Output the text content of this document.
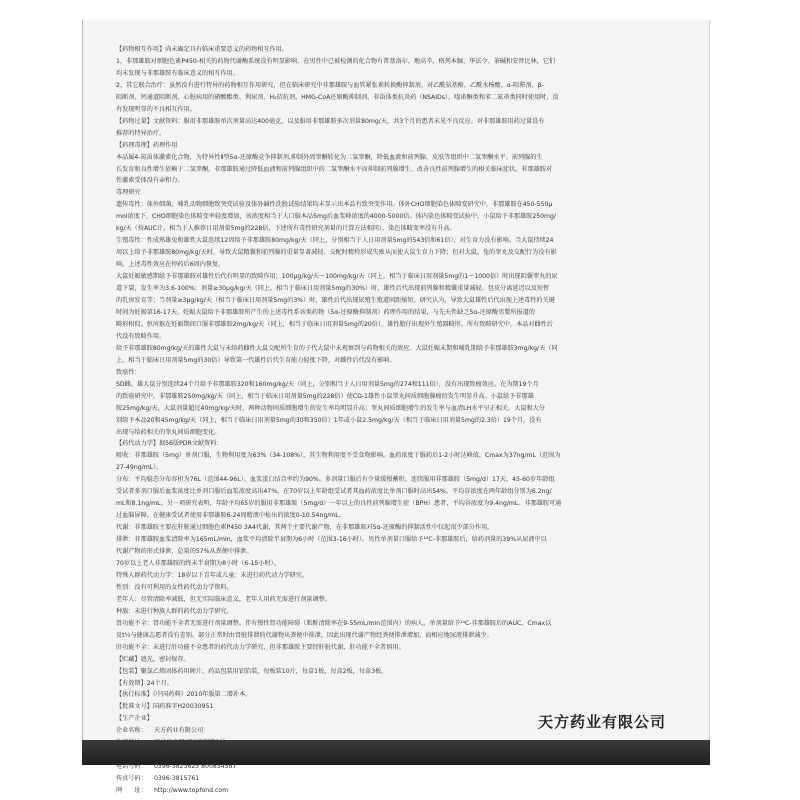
【药物相互作用】尚未确定具有临床重要意义的药物相互作用。
1、非那雄胺对细胞色素P450-相关的药物代谢酶系统没有明显影响。在男性中已被检测的化合物有普萘洛尔、地高辛、格列本脲、华法令、茶碱和安替比林，它们
均未发现与非那雄胺有临床意义的相互作用。
2、其它联合治疗：虽然没有进行特异的药物相互作用研究，但在临床研究中非那雄胺与血管紧张素转换酶抑制剂、对乙酰氨基酚、乙酰水杨酸、α-阻滞剂、β-
阻断剂、钙通道阻断剂、心脏病用的硝酸酯类、利尿剂、H₂拮抗剂、HMG-CoA还原酶抑制剂、非甾体类抗炎药（NSAIDs）、喹诺酮类和苯二氮䓬类同时使用时，没
有发现明显的不良相互作用。
【药物过量】文献资料：服用非那雄胺单次剂量高达400毫克，以及服用非那雄胺多次剂量80mg/天，共3个月的患者未见不良反应。对非那雄胺用药过量没有
推荐的特异治疗。
【药理毒理】药理作用
本品属4-氮甾体激素化合物，为特异性Ⅱ型5α-还原酶竞争抑制剂,抑制外周睾酮转化为二氢睾酮，降低血液和前列腺、皮肤等组织中二氢睾酮水平。前列腺的生
长发育和良性增生依赖于二氢睾酮，非那雄胺通过降低血液和前列腺组织中的二氢睾酮水平而抑制前列腺增生、改善良性前列腺增生的相关临床症状。非那雄胺对
性激素受体没有亲和力。
毒理研究
遗传毒性：体外细菌、哺乳动物细胞致突变试验及体外碱性洗脱试验结果均未显示出本品有致突变作用。体外CHO细胞染色体畸变研究中，非那雄胺在450-550μ
mol浓度下，CHO细胞染色体畸变率轻度增加，该浓度相当于人口服本品5mg后血浆峰浓度的4000-5000倍。体内染色体畸变试验中，小鼠给予非那雄胺250mg/
kg/天（按AUC计，相当于人推荐日用剂量5mg的228倍，下述所有毒性研究剂量的计算方法相同），染色体畸变率没有升高。
生殖毒性：性成熟雄兔和雄性大鼠连续12周给予非那雄胺80mg/kg/天（同上，分别相当于人日用剂量5mg的543倍和61倍），对生育力没有影响。当大鼠持续24
周以上给予非那雄胺80mg/kg/天时，导致大鼠精囊和前列腺的重量显著减轻，交配时精栓形成失败从而使大鼠生育力下降；但对大鼠、兔的睾丸及交配行为没有影
响。上述毒性效应在停药后6周内恢复。
大鼠妊娠敏感期给予非那雄胺对雄性后代有明显的致畸作用，100μg/kg/天～100mg/kg/天（同上，相当于临床日用剂量5mg的1～1000倍）时出现阴囊睾丸的尿
道下裂，发生率为3.6-100%；剂量≥30μg/kg/天（同上，相当于临床日用剂量5mg的30%）时，雄性后代出现前列腺和精囊重量减轻、包皮分离延迟以及短暂
的乳房发育等；当剂量≥3μg/kg/天（相当于临床日用剂量5mg的3%）时，雄性后代出现尿殖生殖道间距缩短。研究认为，导致大鼠雄性后代出现上述毒性的关键
时间为妊娠第16-17天。妊娠大鼠给予非那雄胺所产生的上述毒性系该类药物（5α-还原酶抑制剂）药理作用的结果，与先天性缺乏5α-还原酶男婴所报道的
畸形相似。恒河猴在妊娠期间口服非那雄胺2mg/kg/天（同上，相当于临床日用剂量5mg的20倍），雄性胎仔出现外生殖器畸形。所有致畸研究中，本品对雌性后
代没有致畸作用。
给予非那雄胺80mg/kg/天的雄性大鼠与未给药雌性大鼠交配所生育的子代大鼠中未观察到与药物相关的效应。大鼠妊娠末期和哺乳期给予非那雄胺3mg/kg/天（同
上，相当于临床日用剂量5mg的30倍）导致第一代雄性后代生育能力轻度下降，对雌性后代没有影响。
致癌性：
SD雌、雄大鼠分别连续24个月给予非那雄胺320和160mg/kg/天（同上，分别相当于人日用剂量5mg的274和111倍），没有出现致瘤效应。在为期19个月
的致癌研究中，非那雄胺250mg/kg/天（同上，相当于临床日用剂量5mg的228倍）使CD-1雄性小鼠睾丸间质细胞腺瘤的发生明显升高。小鼠给予非那雄
胺25mg/kg/天，大鼠剂量超过40mg/kg/天时，两种动物间质细胞增生的发生率均明显升高；睾丸间质细胞增生的发生率与血清LH水平呈正相关。大鼠和大分
别给予本品20和45mg/kg/天（同上，相当于临床日用剂量5mg的30和350倍）1年或小鼠2.5mg/kg/天（相当于临床日用剂量5mg的2.3倍）19个月，没有
出现与给药相关的睾丸间质细胞变化。
【药代动力学】据56版PDR文献资料：
吸收：非那雄胺（5mg）单剂口服，生物利用度为63%（34-108%），其生物利用度不受食物影响。血药浓度于服药后1-2小时达峰值，Cmax为37ng/mL（范围为
27-49ng/mL）。
分布：平均稳态分布容积为76L（范围44-96L）。血浆蛋白结合率约为90%。多剂量口服后有少量缓慢蓄积。连续服用非那雄胺（5mg/d）17天，45-60岁年龄组
受试者多剂口服后血浆浓度比单剂口服后血浆浓度高出47%，在70岁以上年龄组受试者其血药浓度比单剂口服时高出54%。平均谷浓度在两年龄组分别为6.2ng/
mL和8.1ng/mL。另一项研究表明，年龄平均65岁的服用非那雄胺（5mg/d）一年以上的良性前列腺增生症（BPH）患者，平均谷浓度为9.4ng/mL。非那雄胺可通
过血脑屏障。在健康受试者使用非那雄胺6-24周精液中检出的浓度0-10.54ng/mL。
代谢：非那雄胺主要在肝脏通过细胞色素P450 3A4代谢，其两个主要代谢产物，在非那雄胺对5α-还原酶的抑制活性中仅起很少部分作用。
排泄：非那雄胺血浆清除率为165mL/min，血浆平均清除半衰期为6小时（范围3-16小时）。男性单剂量口服给予¹⁴C-非那雄胺后，给药剂量的39%从尿液中以
代谢产物的形式排泄，总量的57%从粪便中排泄。
70岁以上老人非那雄胺的终末半衰期为8小时（6-15小时）。
特殊人群药代动力学：18岁以下青年或儿童：未进行药代动力学研究。
性别：没有可利用的女性药代动力学资料。
老年人：尽管清除率减低，但无实际临床意义，老年人用药无需进行剂量调整。
种族：未进行种族人群的药代动力学研究。
肾功能不全：肾功能不全者无需进行剂量调整。伴有慢性肾功能障碍（肌酐清除率在9-55mL/min范围内）的病人，单剂量给予¹⁴C-非那雄胺后的AUC、Cmax以
及t½与健康志愿者没有差别。部分正常时由肾脏排泄的代谢物从粪便中排泄，因此出现代谢产物经粪便排泄增加，而相应地尿液排泄减少。
肝功能不全：未进行肝功能不全患者的药代动力学研究，但非那雄胺主要经肝脏代谢，肝功能不全者慎用。
【贮藏】遮光，密封保存。
【包装】聚氯乙烯固体药用硬片、药品包装用铝箔装，每板装10片，每盒1板，每盒2板，每盒3板。
【有效期】24个月。
【执行标准】《中国药典》2010年版第二增补本。
【批准文号】国药准字H20030951
【生产企业】
企业名称： 天方药业有限公司
生产地址： 驻马店市驿城区光明路2号
邮政编码： 463000
电话号码： 0396-3823623 800834567
传真号码： 0396-3815761
网　　址： http://www.topfond.com
天方药业有限公司
